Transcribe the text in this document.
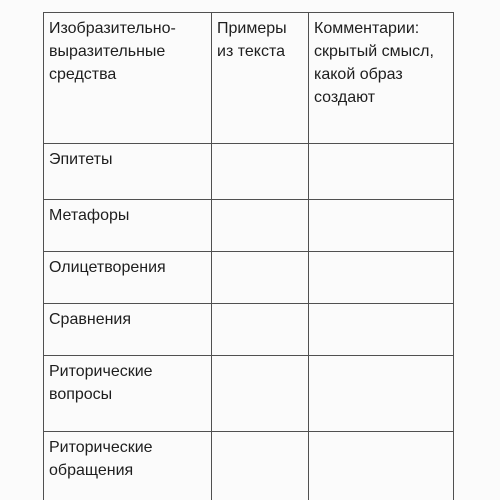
Изобразительно-выразительные средства	Примеры из текста	Комментарии: скрытый смысл, какой образ создают

Эпитеты		

Метафоры		

Олицетворения		

Сравнения		

Риторические вопросы		

Риторические обращения		
